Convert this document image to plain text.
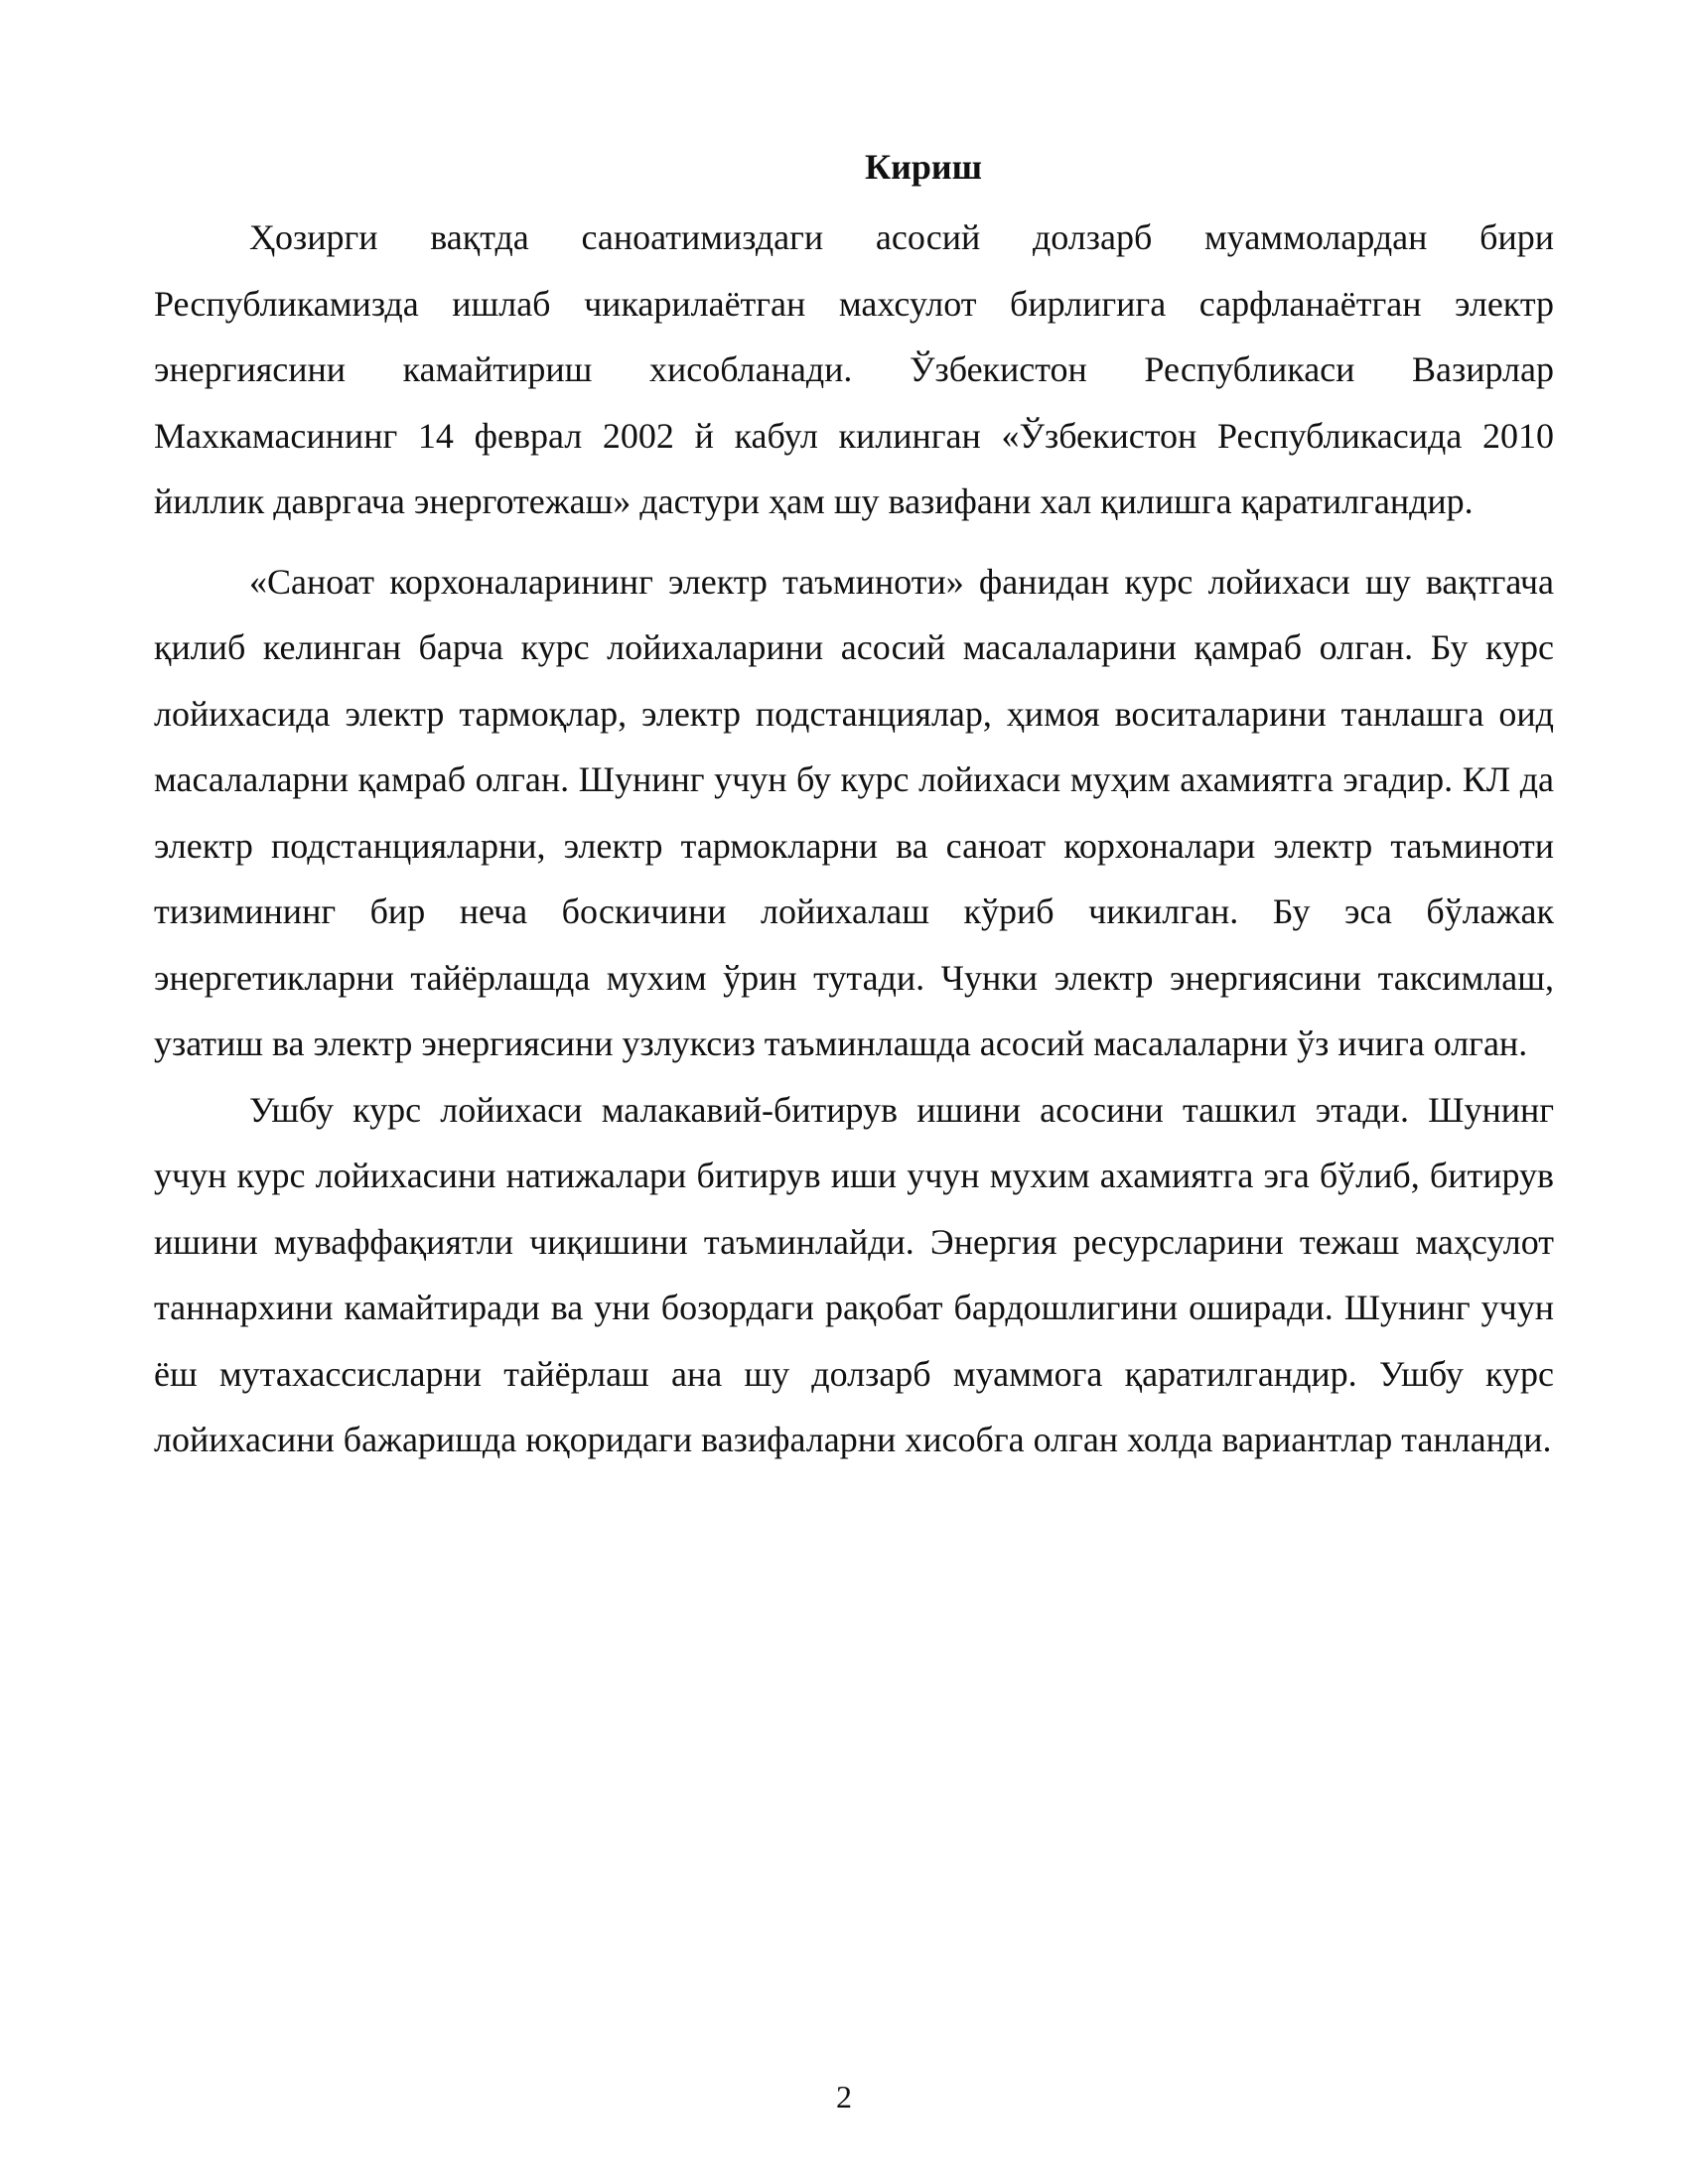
Кириш

Ҳозирги вақтда саноатимиздаги асосий долзарб муаммолардан бири Республикамизда ишлаб чикарилаётган махсулот бирлигига сарфланаётган электр энергиясини камайтириш хисобланади. Ўзбекистон Республикаси Вазирлар Махкамасининг 14 феврал 2002 й кабул килинган «Ўзбекистон Республикасида 2010 йиллик давргача энерготежаш» дастури ҳам шу вазифани хал қилишга қаратилгандир.

«Саноат корхоналарининг электр таъминоти» фанидан курс лойихаси шу вақтгача қилиб келинган барча курс лойихаларини асосий масалаларини қамраб олган. Бу курс лойихасида электр тармоқлар, электр подстанциялар, ҳимоя воситаларини танлашга оид масалаларни қамраб олган. Шунинг учун бу курс лойихаси муҳим ахамиятга эгадир. КЛ да электр подстанцияларни, электр тармокларни ва саноат корхоналари электр таъминоти тизимининг бир неча боскичини лойихалаш кўриб чикилган. Бу эса бўлажак энергетикларни тайёрлашда мухим ўрин тутади. Чунки электр энергиясини таксимлаш, узатиш ва электр энергиясини узлуксиз таъминлашда асосий масалаларни ўз ичига олган.

Ушбу курс лойихаси малакавий-битирув ишини асосини ташкил этади. Шунинг учун курс лойихасини натижалари битирув иши учун мухим ахамиятга эга бўлиб, битирув ишини муваффақиятли чиқишини таъминлайди. Энергия ресурсларини тежаш маҳсулот таннархини камайтиради ва уни бозордаги рақобат бардошлигини оширади. Шунинг учун ёш мутахассисларни тайёрлаш ана шу долзарб муаммога қаратилгандир. Ушбу курс лойихасини бажаришда юқоридаги вазифаларни хисобга олган холда вариантлар танланди.

2
